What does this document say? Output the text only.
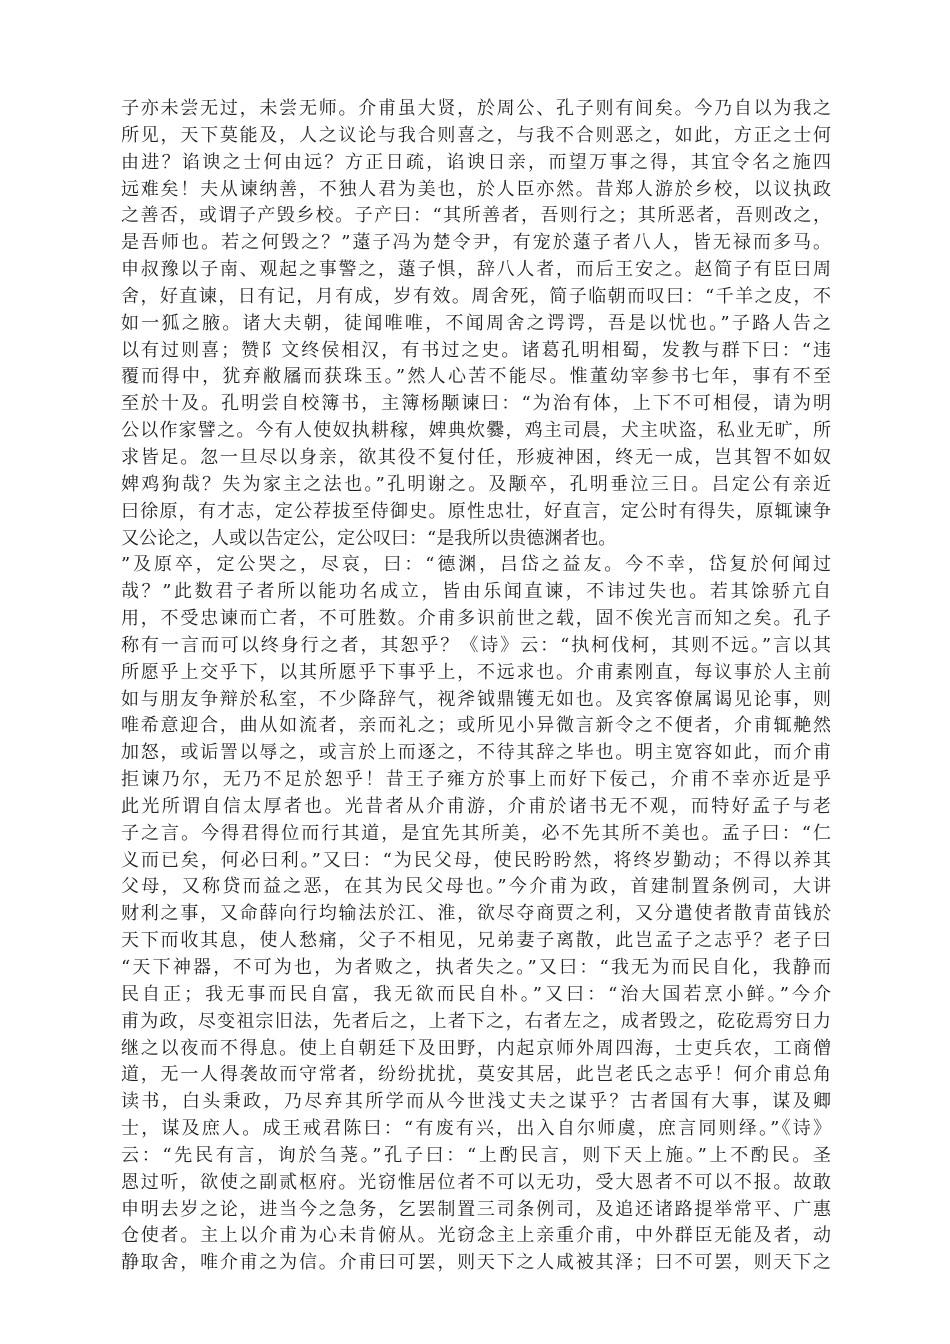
子亦未尝无过，未尝无师。介甫虽大贤，於周公、孔子则有间矣。今乃自以为我之
所见，天下莫能及，人之议论与我合则喜之，与我不合则恶之，如此，方正之士何
由进？谄谀之士何由远？方正日疏，谄谀日亲，而望万事之得，其宜令名之施四
远难矣！夫从谏纳善，不独人君为美也，於人臣亦然。昔郑人游於乡校，以议执政
之善否，或谓子产毁乡校。子产曰：“其所善者，吾则行之；其所恶者，吾则改之，
是吾师也。若之何毁之？”薳子冯为楚令尹，有宠於薳子者八人，皆无禄而多马。
申叔豫以子南、观起之事警之，薳子惧，辞八人者，而后王安之。赵简子有臣曰周
舍，好直谏，日有记，月有成，岁有效。周舍死，简子临朝而叹曰：“千羊之皮，不
如一狐之腋。诸大夫朝，徒闻唯唯，不闻周舍之谔谔，吾是以忧也。”子路人告之
以有过则喜；赞阝文终侯相汉，有书过之史。诸葛孔明相蜀，发教与群下曰：“违
覆而得中，犹弃敝屩而获珠玉。”然人心苦不能尽。惟董幼宰参书七年，事有不至
至於十及。孔明尝自校簿书，主簿杨颙谏曰：“为治有体，上下不可相侵，请为明
公以作家譬之。今有人使奴执耕稼，婢典炊爨，鸡主司晨，犬主吠盗，私业无旷，所
求皆足。忽一旦尽以身亲，欲其役不复付任，形疲神困，终无一成，岂其智不如奴
婢鸡狗哉？失为家主之法也。”孔明谢之。及颙卒，孔明垂泣三日。吕定公有亲近
曰徐原，有才志，定公荐拔至侍御史。原性忠壮，好直言，定公时有得失，原辄谏争
又公论之，人或以告定公，定公叹曰：“是我所以贵德渊者也。
”及原卒，定公哭之，尽哀，曰：“德渊，吕岱之益友。今不幸，岱复於何闻过
哉？”此数君子者所以能功名成立，皆由乐闻直谏，不讳过失也。若其馀骄亢自
用，不受忠谏而亡者，不可胜数。介甫多识前世之载，固不俟光言而知之矣。孔子
称有一言而可以终身行之者，其恕乎？《诗》云：“执柯伐柯，其则不远。”言以其
所愿乎上交乎下，以其所愿乎下事乎上，不远求也。介甫素刚直，每议事於人主前
如与朋友争辩於私室，不少降辞气，视斧钺鼎镬无如也。及宾客僚属谒见论事，则
唯希意迎合，曲从如流者，亲而礼之；或所见小异微言新令之不便者，介甫辄艴然
加怒，或诟詈以辱之，或言於上而逐之，不待其辞之毕也。明主宽容如此，而介甫
拒谏乃尔，无乃不足於恕乎！昔王子雍方於事上而好下佞己，介甫不幸亦近是乎
此光所谓自信太厚者也。光昔者从介甫游，介甫於诸书无不观，而特好孟子与老
子之言。今得君得位而行其道，是宜先其所美，必不先其所不美也。孟子曰：“仁
义而已矣，何必曰利。”又曰：“为民父母，使民盻盻然，将终岁勤动；不得以养其
父母，又称贷而益之恶，在其为民父母也。”今介甫为政，首建制置条例司，大讲
财利之事，又命薛向行均输法於江、淮，欲尽夺商贾之利，又分遣使者散青苗钱於
天下而收其息，使人愁痛，父子不相见，兄弟妻子离散，此岂孟子之志乎？老子曰
“天下神器，不可为也，为者败之，执者失之。”又曰：“我无为而民自化，我静而
民自正；我无事而民自富，我无欲而民自朴。”又曰：“治大国若烹小鲜。”今介
甫为政，尽变祖宗旧法，先者后之，上者下之，右者左之，成者毁之，矻矻焉穷日力
继之以夜而不得息。使上自朝廷下及田野，内起京师外周四海，士吏兵农，工商僧
道，无一人得袭故而守常者，纷纷扰扰，莫安其居，此岂老氏之志乎！何介甫总角
读书，白头秉政，乃尽弃其所学而从今世浅丈夫之谋乎？古者国有大事，谋及卿
士，谋及庶人。成王戒君陈曰：“有废有兴，出入自尔师虞，庶言同则绎。”《诗》
云：“先民有言，询於刍荛。”孔子曰：“上酌民言，则下天上施。”上不酌民。圣
恩过听，欲使之副贰枢府。光窃惟居位者不可以无功，受大恩者不可以不报。故敢
申明去岁之论，进当今之急务，乞罢制置三司条例司，及追还诸路提举常平、广惠
仓使者。主上以介甫为心未肯俯从。光窃念主上亲重介甫，中外群臣无能及者，动
静取舍，唯介甫之为信。介甫曰可罢，则天下之人咸被其泽；曰不可罢，则天下之
